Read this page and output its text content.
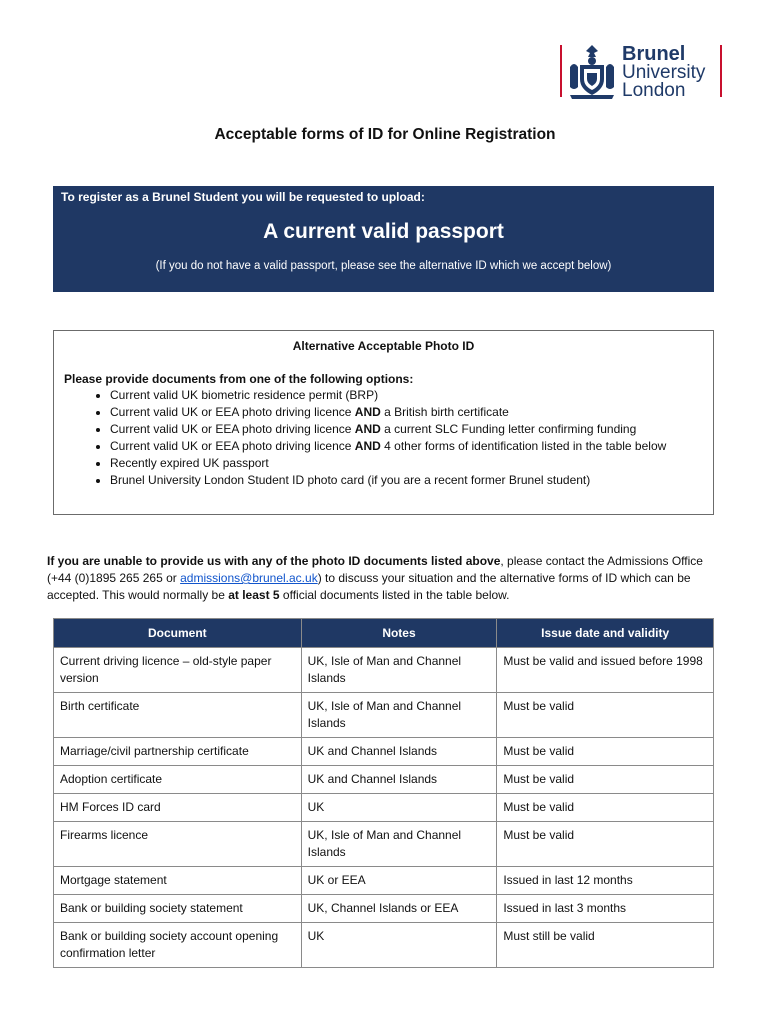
Brunel
University
London
Acceptable forms of ID for Online Registration
To register as a Brunel Student you will be requested to upload:
A current valid passport
(If you do not have a valid passport, please see the alternative ID which we accept below)
Alternative Acceptable Photo ID
Please provide documents from one of the following options:
• Current valid UK biometric residence permit (BRP)
• Current valid UK or EEA photo driving licence AND a British birth certificate
• Current valid UK or EEA photo driving licence AND a current SLC Funding letter confirming funding
• Current valid UK or EEA photo driving licence AND 4 other forms of identification listed in the table below
• Recently expired UK passport
• Brunel University London Student ID photo card (if you are a recent former Brunel student)
If you are unable to provide us with any of the photo ID documents listed above, please contact the Admissions Office (+44 (0)1895 265 265 or admissions@brunel.ac.uk) to discuss your situation and the alternative forms of ID which can be accepted. This would normally be at least 5 official documents listed in the table below.
Document	Notes	Issue date and validity
Current driving licence – old-style paper version	UK, Isle of Man and Channel Islands	Must be valid and issued before 1998
Birth certificate	UK, Isle of Man and Channel Islands	Must be valid
Marriage/civil partnership certificate	UK and Channel Islands	Must be valid
Adoption certificate	UK and Channel Islands	Must be valid
HM Forces ID card	UK	Must be valid
Firearms licence	UK, Isle of Man and Channel Islands	Must be valid
Mortgage statement	UK or EEA	Issued in last 12 months
Bank or building society statement	UK, Channel Islands or EEA	Issued in last 3 months
Bank or building society account opening confirmation letter	UK	Must still be valid
